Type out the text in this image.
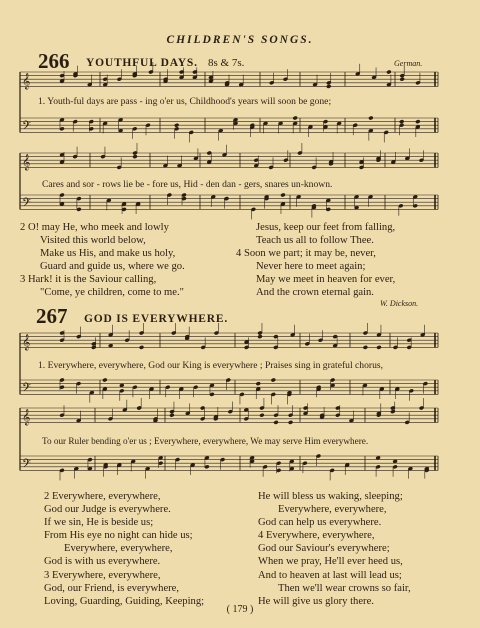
CHILDREN'S SONGS.
266 YOUTHFUL DAYS. 8s & 7s.	German.
𝄞
𝄢
𝄞
𝄢
𝄞
𝄢
𝄞
𝄢
1. Youth-ful days are pass - ing o'er us, Childhood's years will soon be gone;
Cares and sor - rows lie be - fore us, Hid - den dan - gers, snares un-known.
2 O! may He, who meek and lowly
Visited this world below,
Make us His, and make us holy,
Guard and guide us, where we go.
3 Hark! it is the Saviour calling,
"Come, ye children, come to me."
Jesus, keep our feet from falling,
Teach us all to follow Thee.
4 Soon we part; it may be, never,
Never here to meet again;
May we meet in heaven for ever,
And the crown eternal gain.
W. Dickson.
267 GOD IS EVERYWHERE.
1. Everywhere, everywhere, God our King is everywhere ; Praises sing in grateful chorus,
To our Ruler bending o'er us ; Everywhere, everywhere, We may serve Him everywhere.
2 Everywhere, everywhere,
God our Judge is everywhere.
If we sin, He is beside us;
From His eye no night can hide us;
Everywhere, everywhere,
God is with us everywhere.
3 Everywhere, everywhere,
God, our Friend, is everywhere,
Loving, Guarding, Guiding, Keeping;
He will bless us waking, sleeping;
Everywhere, everywhere,
God can help us everywhere.
4 Everywhere, everywhere,
God our Saviour's everywhere;
When we pray, He'll ever heed us,
And to heaven at last will lead us;
Then we'll wear crowns so fair,
He will give us glory there.
( 179 )
